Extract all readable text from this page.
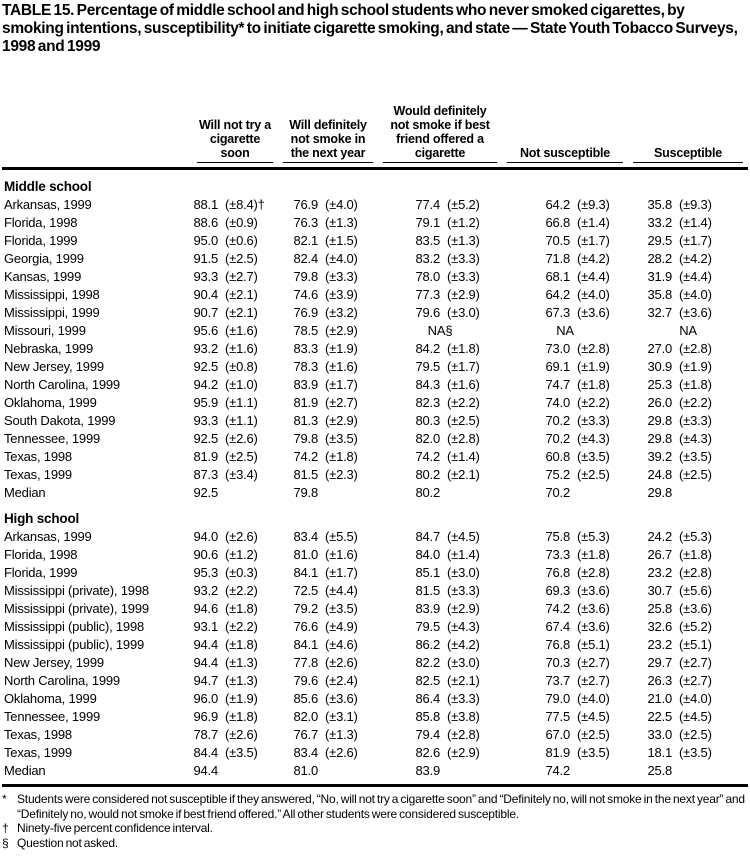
TABLE 15. Percentage of middle school and high school students who never smoked cigarettes, by smoking intentions, susceptibility* to initiate cigarette smoking, and state — State Youth Tobacco Surveys, 1998 and 1999

	Will not try a cigarette soon		Will definitely not smoke in the next year		Would definitely not smoke if best friend offered a cigarette		Not susceptible		Susceptible	

Middle school										
Arkansas, 1999	88.1	(±8.4)†	76.9	(±4.0)	77.4	(±5.2)	64.2	(±9.3)	35.8	(±9.3)
Florida, 1998	88.6	(±0.9)	76.3	(±1.3)	79.1	(±1.2)	66.8	(±1.4)	33.2	(±1.4)
Florida, 1999	95.0	(±0.6)	82.1	(±1.5)	83.5	(±1.3)	70.5	(±1.7)	29.5	(±1.7)
Georgia, 1999	91.5	(±2.5)	82.4	(±4.0)	83.2	(±3.3)	71.8	(±4.2)	28.2	(±4.2)
Kansas, 1999	93.3	(±2.7)	79.8	(±3.3)	78.0	(±3.3)	68.1	(±4.4)	31.9	(±4.4)
Mississippi, 1998	90.4	(±2.1)	74.6	(±3.9)	77.3	(±2.9)	64.2	(±4.0)	35.8	(±4.0)
Mississippi, 1999	90.7	(±2.1)	76.9	(±3.2)	79.6	(±3.0)	67.3	(±3.6)	32.7	(±3.6)
Missouri, 1999	95.6	(±1.6)	78.5	(±2.9)	NA§		NA		NA	
Nebraska, 1999	93.2	(±1.6)	83.3	(±1.9)	84.2	(±1.8)	73.0	(±2.8)	27.0	(±2.8)
New Jersey, 1999	92.5	(±0.8)	78.3	(±1.6)	79.5	(±1.7)	69.1	(±1.9)	30.9	(±1.9)
North Carolina, 1999	94.2	(±1.0)	83.9	(±1.7)	84.3	(±1.6)	74.7	(±1.8)	25.3	(±1.8)
Oklahoma, 1999	95.9	(±1.1)	81.9	(±2.7)	82.3	(±2.2)	74.0	(±2.2)	26.0	(±2.2)
South Dakota, 1999	93.3	(±1.1)	81.3	(±2.9)	80.3	(±2.5)	70.2	(±3.3)	29.8	(±3.3)
Tennessee, 1999	92.5	(±2.6)	79.8	(±3.5)	82.0	(±2.8)	70.2	(±4.3)	29.8	(±4.3)
Texas, 1998	81.9	(±2.5)	74.2	(±1.8)	74.2	(±1.4)	60.8	(±3.5)	39.2	(±3.5)
Texas, 1999	87.3	(±3.4)	81.5	(±2.3)	80.2	(±2.1)	75.2	(±2.5)	24.8	(±2.5)
Median	92.5		79.8		80.2		70.2		29.8	
High school										
Arkansas, 1999	94.0	(±2.6)	83.4	(±5.5)	84.7	(±4.5)	75.8	(±5.3)	24.2	(±5.3)
Florida, 1998	90.6	(±1.2)	81.0	(±1.6)	84.0	(±1.4)	73.3	(±1.8)	26.7	(±1.8)
Florida, 1999	95.3	(±0.3)	84.1	(±1.7)	85.1	(±3.0)	76.8	(±2.8)	23.2	(±2.8)
Mississippi (private), 1998	93.2	(±2.2)	72.5	(±4.4)	81.5	(±3.3)	69.3	(±3.6)	30.7	(±5.6)
Mississippi (private), 1999	94.6	(±1.8)	79.2	(±3.5)	83.9	(±2.9)	74.2	(±3.6)	25.8	(±3.6)
Mississippi (public), 1998	93.1	(±2.2)	76.6	(±4.9)	79.5	(±4.3)	67.4	(±3.6)	32.6	(±5.2)
Mississippi (public), 1999	94.4	(±1.8)	84.1	(±4.6)	86.2	(±4.2)	76.8	(±5.1)	23.2	(±5.1)
New Jersey, 1999	94.4	(±1.3)	77.8	(±2.6)	82.2	(±3.0)	70.3	(±2.7)	29.7	(±2.7)
North Carolina, 1999	94.7	(±1.3)	79.6	(±2.4)	82.5	(±2.1)	73.7	(±2.7)	26.3	(±2.7)
Oklahoma, 1999	96.0	(±1.9)	85.6	(±3.6)	86.4	(±3.3)	79.0	(±4.0)	21.0	(±4.0)
Tennessee, 1999	96.9	(±1.8)	82.0	(±3.1)	85.8	(±3.8)	77.5	(±4.5)	22.5	(±4.5)
Texas, 1998	78.7	(±2.6)	76.7	(±1.3)	79.4	(±2.8)	67.0	(±2.5)	33.0	(±2.5)
Texas, 1999	84.4	(±3.5)	83.4	(±2.6)	82.6	(±2.9)	81.9	(±3.5)	18.1	(±3.5)
Median	94.4		81.0		83.9		74.2		25.8	
* Students were considered not susceptible if they answered, “No, will not try a cigarette soon” and “Definitely no, will not smoke in the next year” and “Definitely no, would not smoke if best friend offered.” All other students were considered susceptible.
† Ninety-five percent confidence interval.
§ Question not asked.
